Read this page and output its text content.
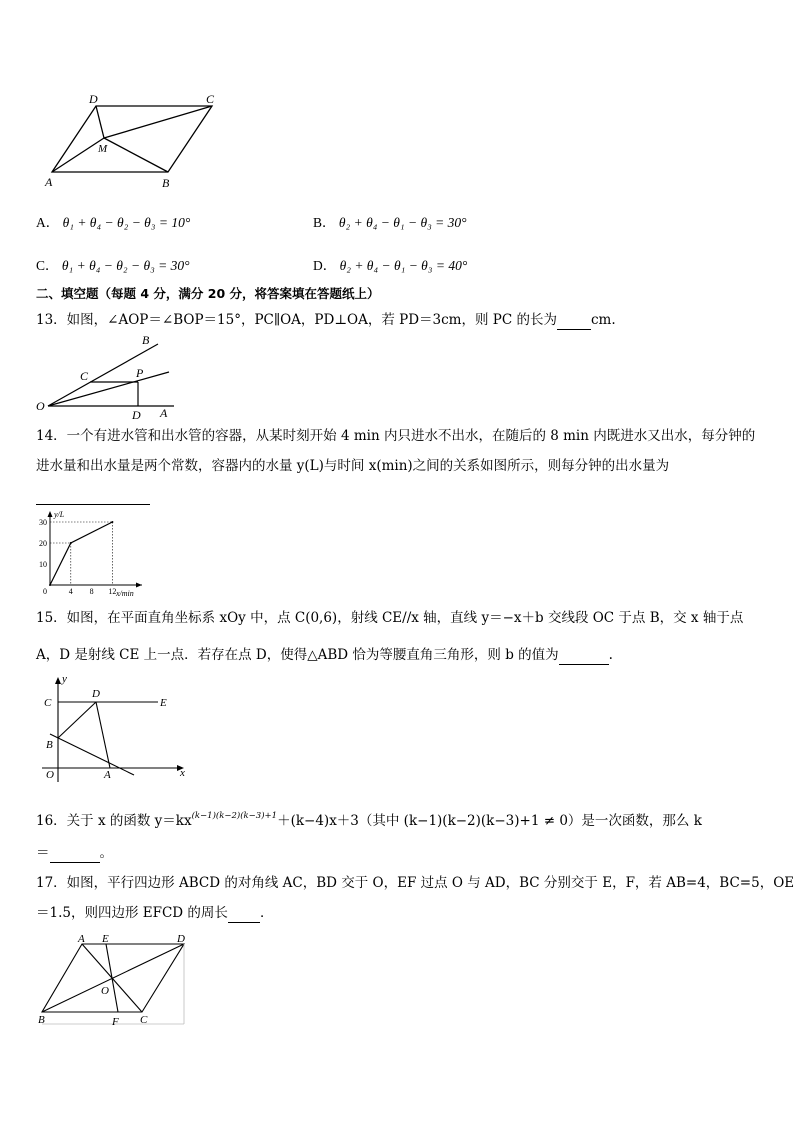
D	C
M
A	B
A． θ₁ + θ₄ − θ₂ − θ₃ = 10°	B． θ₂ + θ₄ − θ₁ − θ₃ = 30°
C． θ₁ + θ₄ − θ₂ − θ₃ = 30°	D． θ₂ + θ₄ − θ₁ − θ₃ = 40°
二、填空题（每题 4 分，满分 20 分，将答案填在答题纸上）
13．如图，∠AOP＝∠BOP＝15°，PC∥OA，PD⊥OA，若 PD＝3cm，则 PC 的长为	cm.
B
C	P
O
D A
14．一个有进水管和出水管的容器，从某时刻开始 4 min 内只进水不出水，在随后的 8 min 内既进水又出水，每分钟的
进水量和出水量是两个常数，容器内的水量 y(L)与时间 x(min)之间的关系如图所示，则每分钟的出水量为
10
20
30
0	4 8 12
y/L
x/min
15．如图，在平面直角坐标系 xOy 中，点 C(0,6)，射线 CE//x 轴，直线 y＝−x＋b 交线段 OC 于点 B，交 x 轴于点
A，D 是射线 CE 上一点．若存在点 D，使得△ABD 恰为等腰直角三角形，则 b 的值为	.
y
C
D
E
B
O	A	x
16．关于 x 的函数 $y=kx^{(k-1)(k-2)(k-3)+1}+(k-4)x+3$（其中 (k−1)(k−2)(k−3)+1 ≠ 0）是一次函数，那么 k
＝	。
17．如图，平行四边形 ABCD 的对角线 AC，BD 交于 O，EF 过点 O 与 AD，BC 分别交于 E，F，若 AB=4，BC=5，OE
＝1.5，则四边形 EFCD 的周长 ．
A E	D
O
B	F C
